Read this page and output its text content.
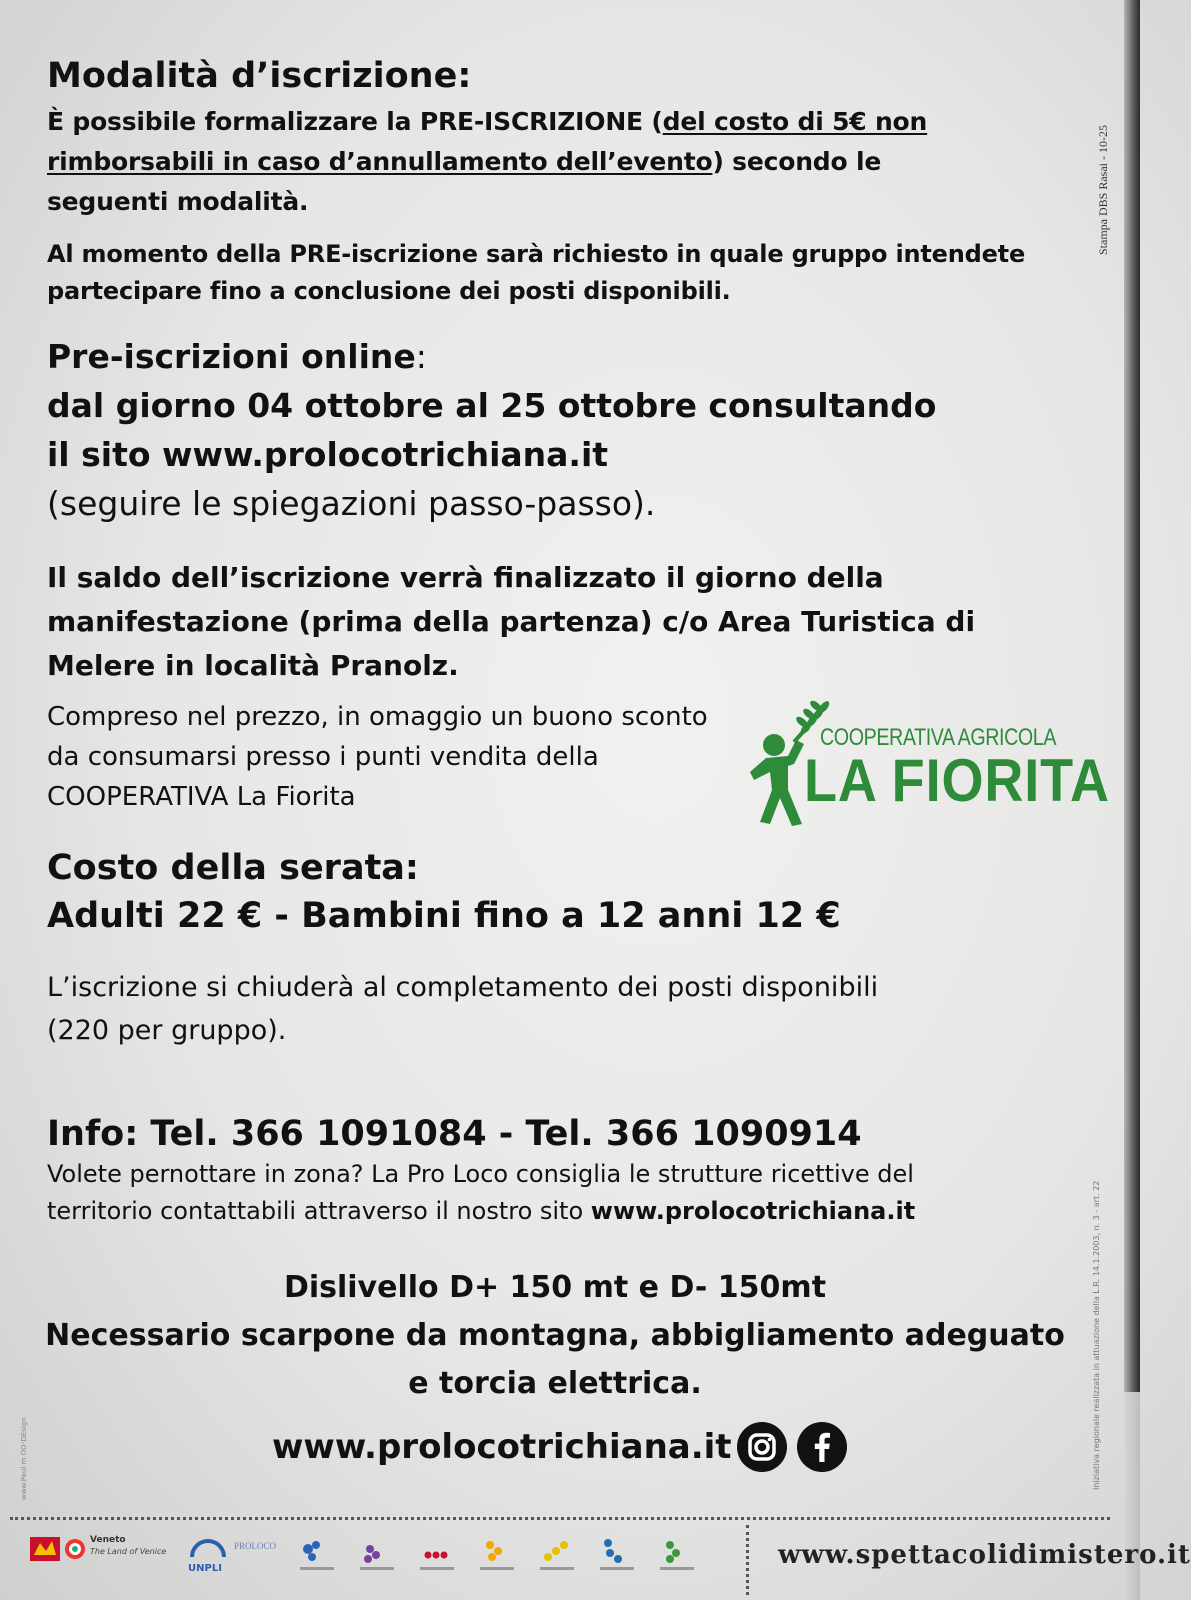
Modalità d’iscrizione:

È possibile formalizzare la PRE-ISCRIZIONE (del costo di 5€ non rimborsabili in caso d’annullamento dell’evento) secondo le seguenti modalità.

Al momento della PRE-iscrizione sarà richiesto in quale gruppo intendete partecipare fino a conclusione dei posti disponibili.

Pre-iscrizioni online:
dal giorno 04 ottobre al 25 ottobre consultando
il sito www.prolocotrichiana.it
(seguire le spiegazioni passo-passo).

Il saldo dell’iscrizione verrà finalizzato il giorno della manifestazione (prima della partenza) c/o Area Turistica di Melere in località Pranolz.

Compreso nel prezzo, in omaggio un buono sconto
da consumarsi presso i punti vendita della
COOPERATIVA La Fiorita

COOPERATIVA AGRICOLA
LA FIORITA

Costo della serata:
Adulti 22 € - Bambini fino a 12 anni 12 €

L’iscrizione si chiuderà al completamento dei posti disponibili
(220 per gruppo).

Info: Tel. 366 1091084 - Tel. 366 1090914

Volete pernottare in zona? La Pro Loco consiglia le strutture ricettive del
territorio contattabili attraverso il nostro sito www.prolocotrichiana.it

Dislivello D+ 150 mt e D- 150mt
Necessario scarpone da montagna, abbigliamento adeguato
e torcia elettrica.
www.prolocotrichiana.it
Stampa DBS Rasai - 10-25
Iniziativa regionale realizzata in attuazione della L.R. 14.1.2003, n. 3 - art. 22
www.Paul m OO-DEsign
Veneto
The Land of Venice
UNPLI
PROLOCO	www.spettacolidimistero.it
